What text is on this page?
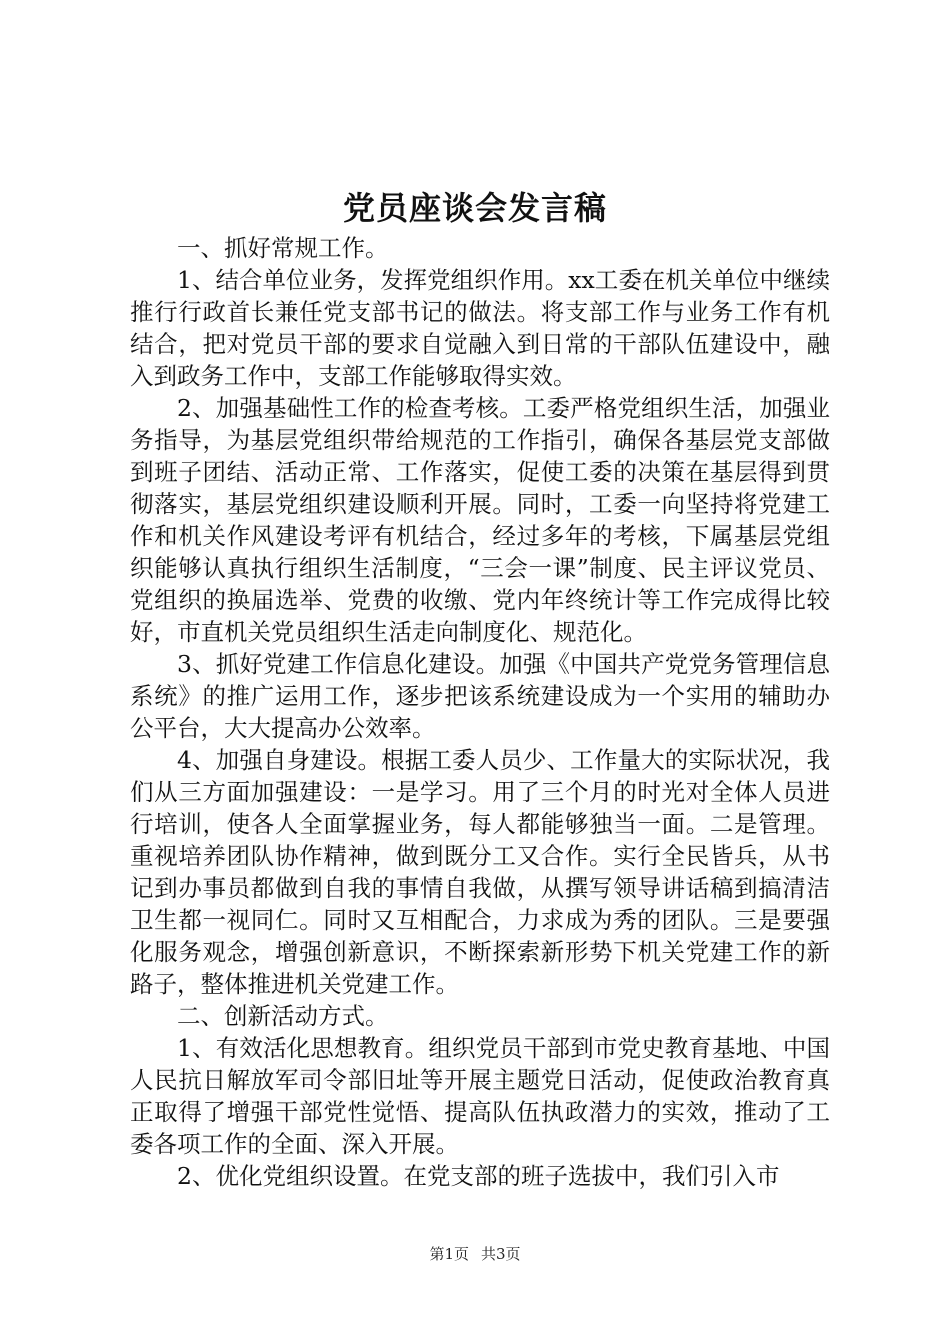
党员座谈会发言稿

一、抓好常规工作。

1、结合单位业务，发挥党组织作用。xx工委在机关单位中继续推行行政首长兼任党支部书记的做法。将支部工作与业务工作有机结合，把对党员干部的要求自觉融入到日常的干部队伍建设中，融入到政务工作中，支部工作能够取得实效。

2、加强基础性工作的检查考核。工委严格党组织生活，加强业务指导，为基层党组织带给规范的工作指引，确保各基层党支部做到班子团结、活动正常、工作落实，促使工委的决策在基层得到贯彻落实，基层党组织建设顺利开展。同时，工委一向坚持将党建工作和机关作风建设考评有机结合，经过多年的考核，下属基层党组织能够认真执行组织生活制度，“三会一课”制度、民主评议党员、党组织的换届选举、党费的收缴、党内年终统计等工作完成得比较好，市直机关党员组织生活走向制度化、规范化。

3、抓好党建工作信息化建设。加强《中国共产党党务管理信息系统》的推广运用工作，逐步把该系统建设成为一个实用的辅助办公平台，大大提高办公效率。

4、加强自身建设。根据工委人员少、工作量大的实际状况，我们从三方面加强建设：一是学习。用了三个月的时光对全体人员进行培训，使各人全面掌握业务，每人都能够独当一面。二是管理。重视培养团队协作精神，做到既分工又合作。实行全民皆兵，从书记到办事员都做到自我的事情自我做，从撰写领导讲话稿到搞清洁卫生都一视同仁。同时又互相配合，力求成为秀的团队。三是要强化服务观念，增强创新意识，不断探索新形势下机关党建工作的新路子，整体推进机关党建工作。

二、创新活动方式。

1、有效活化思想教育。组织党员干部到市党史教育基地、中国人民抗日解放军司令部旧址等开展主题党日活动，促使政治教育真正取得了增强干部党性觉悟、提高队伍执政潜力的实效，推动了工委各项工作的全面、深入开展。

2、优化党组织设置。在党支部的班子选拔中，我们引入市

第1页 共3页
